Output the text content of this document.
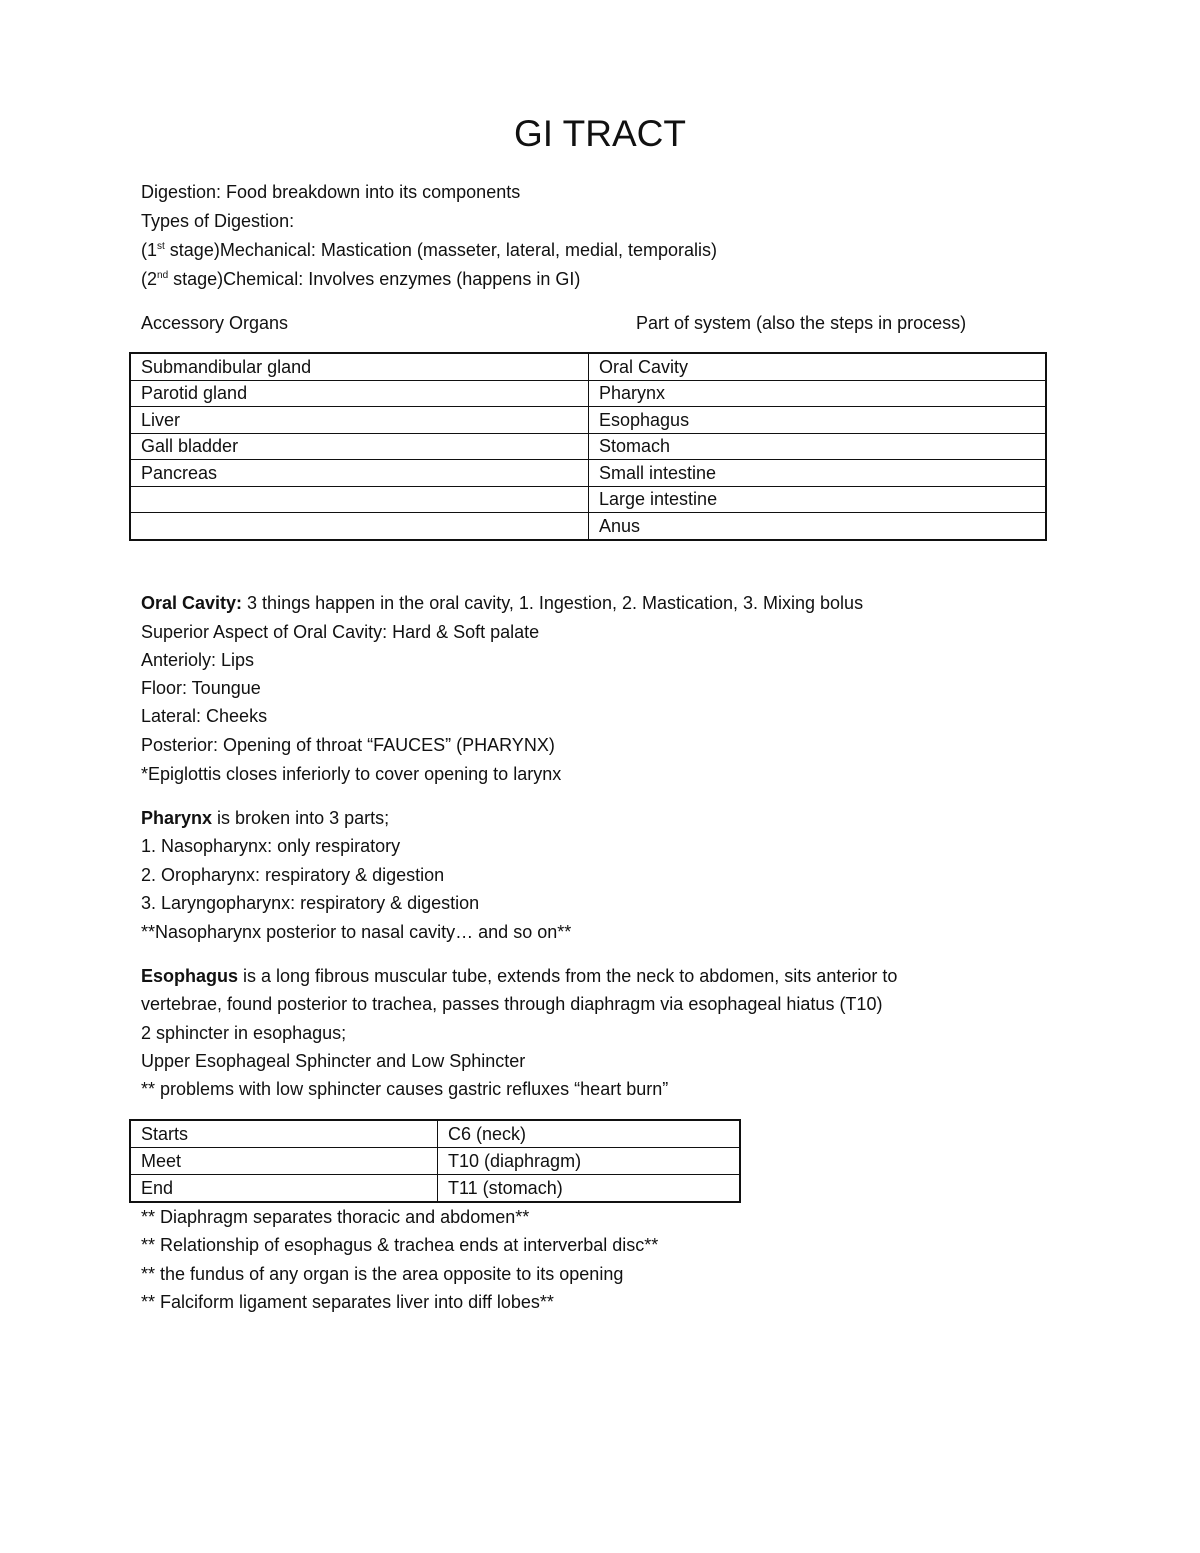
GI TRACT
Digestion: Food breakdown into its components
Types of Digestion:
(1st stage)Mechanical: Mastication (masseter, lateral, medial, temporalis)
(2nd stage)Chemical: Involves enzymes (happens in GI)
Accessory Organs	Part of system (also the steps in process)
Submandibular gland	Oral Cavity
Parotid gland	Pharynx
Liver	Esophagus
Gall bladder	Stomach
Pancreas	Small intestine
	Large intestine
	Anus
Oral Cavity: 3 things happen in the oral cavity, 1. Ingestion, 2. Mastication, 3. Mixing bolus
Superior Aspect of Oral Cavity: Hard & Soft palate
Anterioly: Lips
Floor: Toungue
Lateral: Cheeks
Posterior: Opening of throat “FAUCES” (PHARYNX)
*Epiglottis closes inferiorly to cover opening to larynx
Pharynx is broken into 3 parts;
1. Nasopharynx: only respiratory
2. Oropharynx: respiratory & digestion
3. Laryngopharynx: respiratory & digestion
**Nasopharynx posterior to nasal cavity… and so on**
Esophagus is a long fibrous muscular tube, extends from the neck to abdomen, sits anterior to
vertebrae, found posterior to trachea, passes through diaphragm via esophageal hiatus (T10)
2 sphincter in esophagus;
Upper Esophageal Sphincter and Low Sphincter
** problems with low sphincter causes gastric refluxes “heart burn”
Starts	C6 (neck)
Meet	T10 (diaphragm)
End	T11 (stomach)
** Diaphragm separates thoracic and abdomen**
** Relationship of esophagus & trachea ends at interverbal disc**
** the fundus of any organ is the area opposite to its opening
** Falciform ligament separates liver into diff lobes**
